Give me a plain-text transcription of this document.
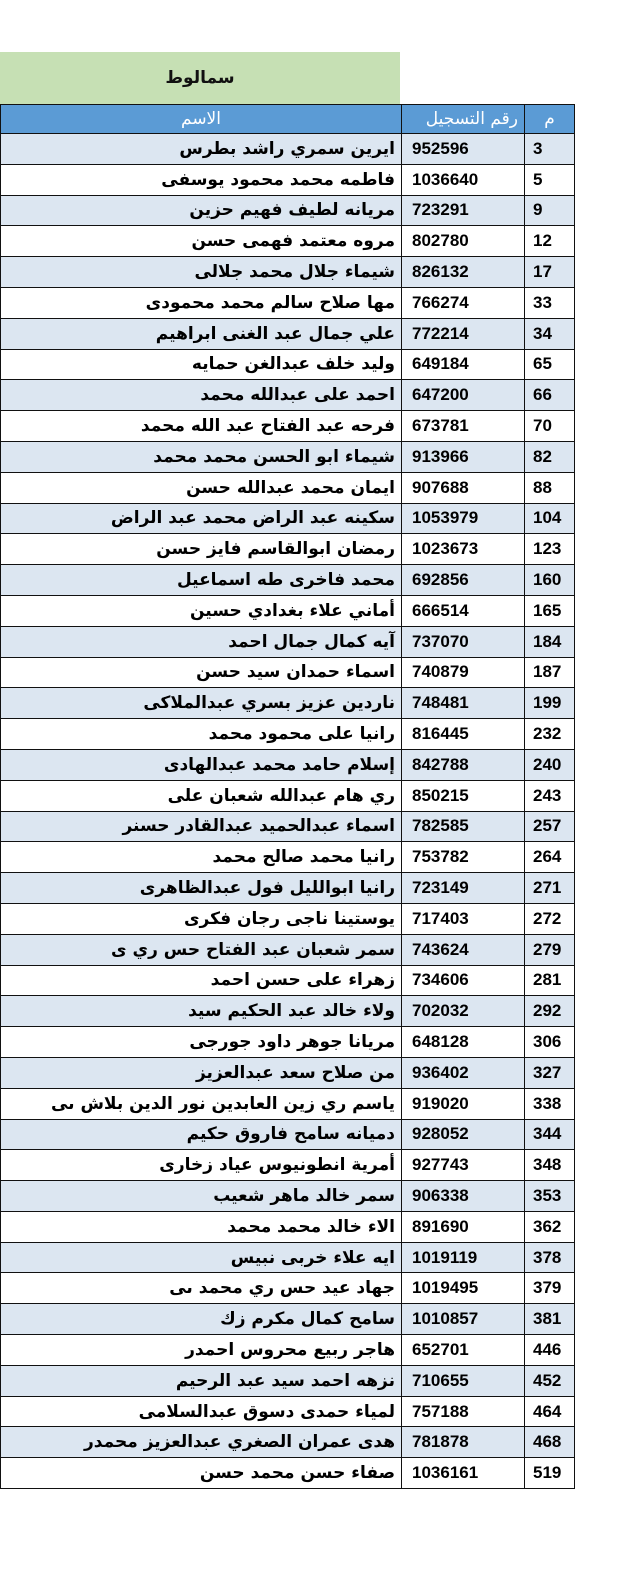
سمالوط
م	رقم التسجيل	الاسم
3	952596	ايرين سمري راشد بطرس
5	1036640	فاطمه محمد محمود يوسفى
9	723291	مريانه لطيف فهيم حزين
12	802780	مروه معتمد فهمى حسن
17	826132	شيماء جلال محمد جلالى
33	766274	مها صلاح سالم محمد محمودى
34	772214	علي جمال عبد الغنى ابراهيم
65	649184	وليد خلف عبدالغن حمايه
66	647200	احمد على عبدالله محمد
70	673781	فرحه عبد الفتاح عبد الله محمد
82	913966	شيماء ابو الحسن محمد محمد
88	907688	ايمان محمد عبدالله حسن
104	1053979	سكينه عبد الراض محمد عبد الراض
123	1023673	رمضان ابوالقاسم فايز حسن
160	692856	محمد فاخرى طه اسماعيل
165	666514	أماني علاء بغدادي حسين
184	737070	آيه كمال جمال احمد
187	740879	اسماء حمدان سيد حسن
199	748481	ناردين عزيز بسري عبدالملاكى
232	816445	رانيا على محمود محمد
240	842788	إسلام حامد محمد عبدالهادى
243	850215	ري هام عبدالله شعبان على
257	782585	اسماء عبدالحميد عبدالقادر حسنر
264	753782	رانيا محمد صالح محمد
271	723149	رانيا ابوالليل فول عبدالظاهرى
272	717403	يوستينا ناجى رجان فكرى
279	743624	سمر شعبان عبد الفتاح حس ري ى
281	734606	زهراء على حسن احمد
292	702032	ولاء خالد عبد الحكيم سيد
306	648128	مريانا جوهر داود جورجى
327	936402	من صلاح سعد عبدالعزيز
338	919020	ياسم ري زين العابدين نور الدين بلاش ىى
344	928052	دميانه سامح فاروق حكيم
348	927743	أمرية انطونيوس عياد زخارى
353	906338	سمر خالد ماهر شعيب
362	891690	الاء خالد محمد محمد
378	1019119	ايه علاء خربى نبيس
379	1019495	جهاد عيد حس ري محمد ىى
381	1010857	سامح كمال مكرم زك
446	652701	هاجر ربيع محروس احمدر
452	710655	نزهه احمد سيد عبد الرحيم
464	757188	لمياء حمدى دسوق عبدالسلامى
468	781878	هدى عمران الصغري عبدالعزيز محمدر
519	1036161	صفاء حسن محمد حسن
